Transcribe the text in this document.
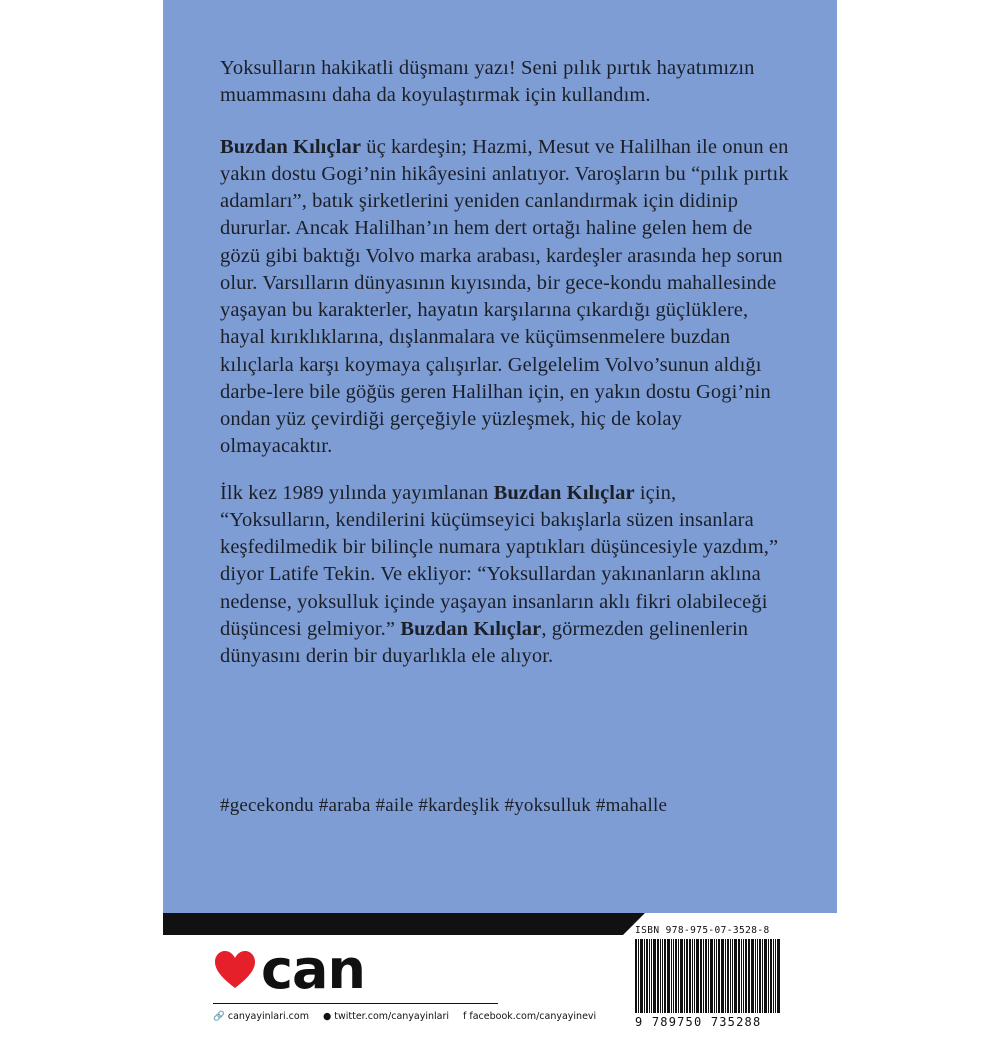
Yoksulların hakikatli düşmanı yazı! Seni pılık pırtık hayatımızın muammasını daha da koyulaştırmak için kullandım.

Buzdan Kılıçlar üç kardeşin; Hazmi, Mesut ve Halilhan ile onun en yakın dostu Gogi’nin hikâyesini anlatıyor. Varoşların bu “pılık pırtık adamları”, batık şirketlerini yeniden canlandırmak için didinip dururlar. Ancak Halilhan’ın hem dert ortağı haline gelen hem de gözü gibi baktığı Volvo marka arabası, kardeşler arasında hep sorun olur. Varsılların dünyasının kıyısında, bir gece-kondu mahallesinde yaşayan bu karakterler, hayatın karşılarına çıkardığı güçlüklere, hayal kırıklıklarına, dışlanmalara ve küçümsenmelere buzdan kılıçlarla karşı koymaya çalışırlar. Gelgelelim Volvo’sunun aldığı darbe-lere bile göğüs geren Halilhan için, en yakın dostu Gogi’nin ondan yüz çevirdiği gerçeğiyle yüzleşmek, hiç de kolay olmayacaktır.

İlk kez 1989 yılında yayımlanan Buzdan Kılıçlar için, “Yoksulların, kendilerini küçümseyici bakışlarla süzen insanlara keşfedilmedik bir bilinçle numara yaptıkları düşüncesiyle yazdım,” diyor Latife Tekin. Ve ekliyor: “Yoksullardan yakınanların aklına nedense, yoksulluk içinde yaşayan insanların aklı fikri olabileceği düşüncesi gelmiyor.” Buzdan Kılıçlar, görmezden gelinenlerin dünyasını derin bir duyarlıkla ele alıyor.

#gecekondu #araba #aile #kardeşlik #yoksulluk #mahalle
can
🔗 canyayinlari.com ● twitter.com/canyayinlari f facebook.com/canyayinevi
ISBN 978-975-07-3528-8
9 789750 735288
